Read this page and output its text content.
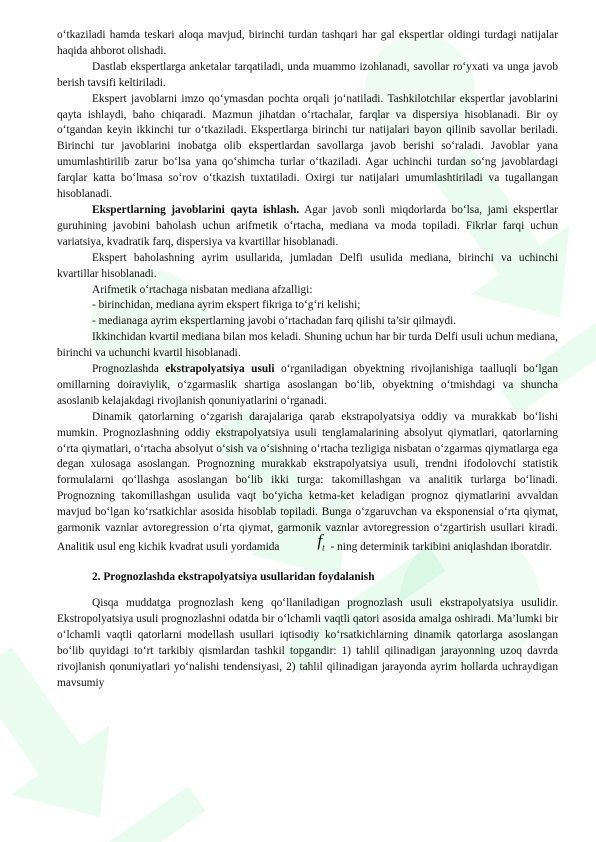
o‘tkaziladi hamda teskari aloqa mavjud, birinchi turdan tashqari har gal ekspertlar oldingi turdagi natijalar haqida ahborot olishadi.

Dastlab ekspertlarga anketalar tarqatiladi, unda muammo izohlanadi, savollar ro‘yxati va unga javob berish tavsifi keltiriladi.

Ekspert javoblarni imzo qo‘ymasdan pochta orqali jo‘natiladi. Tashkilotchilar ekspertlar javoblarini qayta ishlaydi, baho chiqaradi. Mazmun jihatdan o‘rtachalar, farqlar va dispersiya hisoblanadi. Bir oy o‘tgandan keyin ikkinchi tur o‘tkaziladi. Ekspertlarga birinchi tur natijalari bayon qilinib savollar beriladi. Birinchi tur javoblarini inobatga olib ekspertlardan savollarga javob berishi so‘raladi. Javoblar yana umumlashtirilib zarur bo‘lsa yana qo‘shimcha turlar o‘tkaziladi. Agar uchinchi turdan so‘ng javoblardagi farqlar katta bo‘lmasa so‘rov o‘tkazish tuxtatiladi. Oxirgi tur natijalari umumlashtiriladi va tugallangan hisoblanadi.

Ekspertlarning javoblarini qayta ishlash. Agar javob sonli miqdorlarda bo‘lsa, jami ekspertlar guruhining javobini baholash uchun arifmetik o‘rtacha, mediana va moda topiladi. Fikrlar farqi uchun variatsiya, kvadratik farq, dispersiya va kvartillar hisoblanadi.

Ekspert baholashning ayrim usullarida, jumladan Delfi usulida mediana, birinchi va uchinchi kvartillar hisoblanadi.

Arifmetik o‘rtachaga nisbatan mediana afzalligi:

- birinchidan, mediana ayrim ekspert fikriga to‘g‘ri kelishi;

- medianaga ayrim ekspertlarning javobi o‘rtachadan farq qilishi ta’sir qilmaydi.

Ikkinchidan kvartil mediana bilan mos keladi. Shuning uchun har bir turda Delfi usuli uchun mediana, birinchi va uchunchi kvartil hisoblanadi.

Prognozlashda ekstrapolyatsiya usuli o‘rganiladigan obyektning rivojlanishiga taalluqli bo‘lgan omillarning doiraviylik, o‘zgarmaslik shartiga asoslangan bo‘lib, obyektning o‘tmishdagi va shuncha asoslanib kelajakdagi rivojlanish qonuniyatlarini o‘rganadi.

Dinamik qatorlarning o‘zgarish darajalariga qarab ekstrapolyatsiya oddiy va murakkab bo‘lishi mumkin. Prognozlashning oddiy ekstrapolyatsiya usuli tenglamalarining absolyut qiymatlari, qatorlarning o‘rta qiymatlari, o‘rtacha absolyut o‘sish va o‘sishning o‘rtacha tezligiga nisbatan o‘zgarmas qiymatlarga ega degan xulosaga asoslangan. Prognozning murakkab ekstrapolyatsiya usuli, trendni ifodolovchi statistik formulalarni qo‘llashga asoslangan bo‘lib ikki turga: takomillashgan va analitik turlarga bo‘linadi. Prognozning takomillashgan usulida vaqt bo‘yicha ketma-ket keladigan prognoz qiymatlarini avvaldan mavjud bo‘lgan ko‘rsatkichlar asosida hisoblab topiladi. Bunga o‘zgaruvchan va eksponensial o‘rta qiymat, garmonik vaznlar avtoregression o‘rta qiymat, garmonik vaznlar avtoregression o‘zgartirish usullari kiradi. Analitik usul eng kichik kvadrat usuli yordamida $f_t$ - ning determinik tarkibini aniqlashdan iboratdir.

2. Prognozlashda ekstrapolyatsiya usullaridan foydalanish

Qisqa muddatga prognozlash keng qo‘llaniladigan prognozlash usuli ekstrapolyatsiya usulidir. Ekstropolyatsiya usuli prognozlashni odatda bir o‘lchamli vaqtli qatori asosida amalga oshiradi. Ma’lumki bir o‘lchamli vaqtli qatorlarni modellash usullari iqtisodiy ko‘rsatkichlarning dinamik qatorlarga asoslangan bo‘lib quyidagi to‘rt tarkibiy qismlardan tashkil topgandir: 1) tahlil qilinadigan jarayonning uzoq davrda rivojlanish qonuniyatlari yo‘nalishi tendensiyasi, 2) tahlil qilinadigan jarayonda ayrim hollarda uchraydigan mavsumiy
